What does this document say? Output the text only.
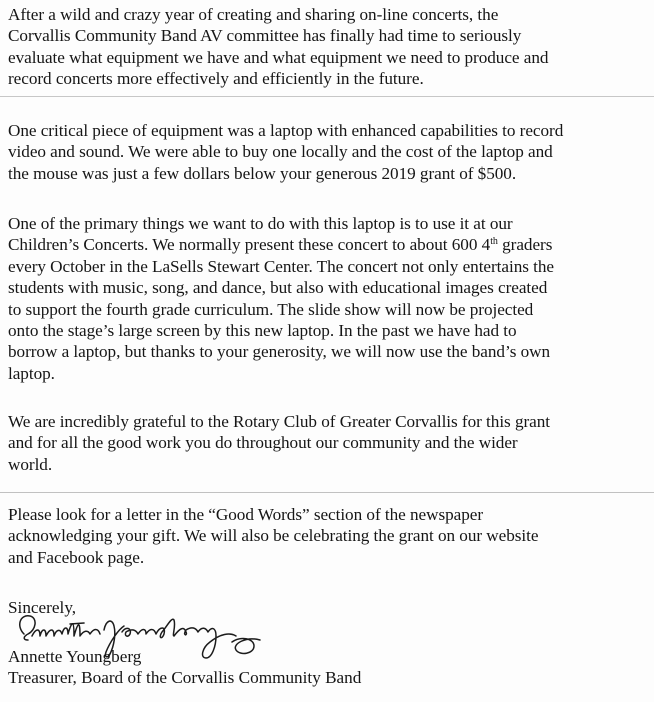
After a wild and crazy year of creating and sharing on-line concerts, the
Corvallis Community Band AV committee has finally had time to seriously
evaluate what equipment we have and what equipment we need to produce and
record concerts more effectively and efficiently in the future.

One critical piece of equipment was a laptop with enhanced capabilities to record
video and sound. We were able to buy one locally and the cost of the laptop and
the mouse was just a few dollars below your generous 2019 grant of $500.

One of the primary things we want to do with this laptop is to use it at our
Children’s Concerts. We normally present these concert to about 600 4th graders
every October in the LaSells Stewart Center. The concert not only entertains the
students with music, song, and dance, but also with educational images created
to support the fourth grade curriculum. The slide show will now be projected
onto the stage’s large screen by this new laptop. In the past we have had to
borrow a laptop, but thanks to your generosity, we will now use the band’s own
laptop.

We are incredibly grateful to the Rotary Club of Greater Corvallis for this grant
and for all the good work you do throughout our community and the wider
world.

Please look for a letter in the “Good Words” section of the newspaper
acknowledging your gift. We will also be celebrating the grant on our website
and Facebook page.

Sincerely,

Annette Youngberg

Treasurer, Board of the Corvallis Community Band
